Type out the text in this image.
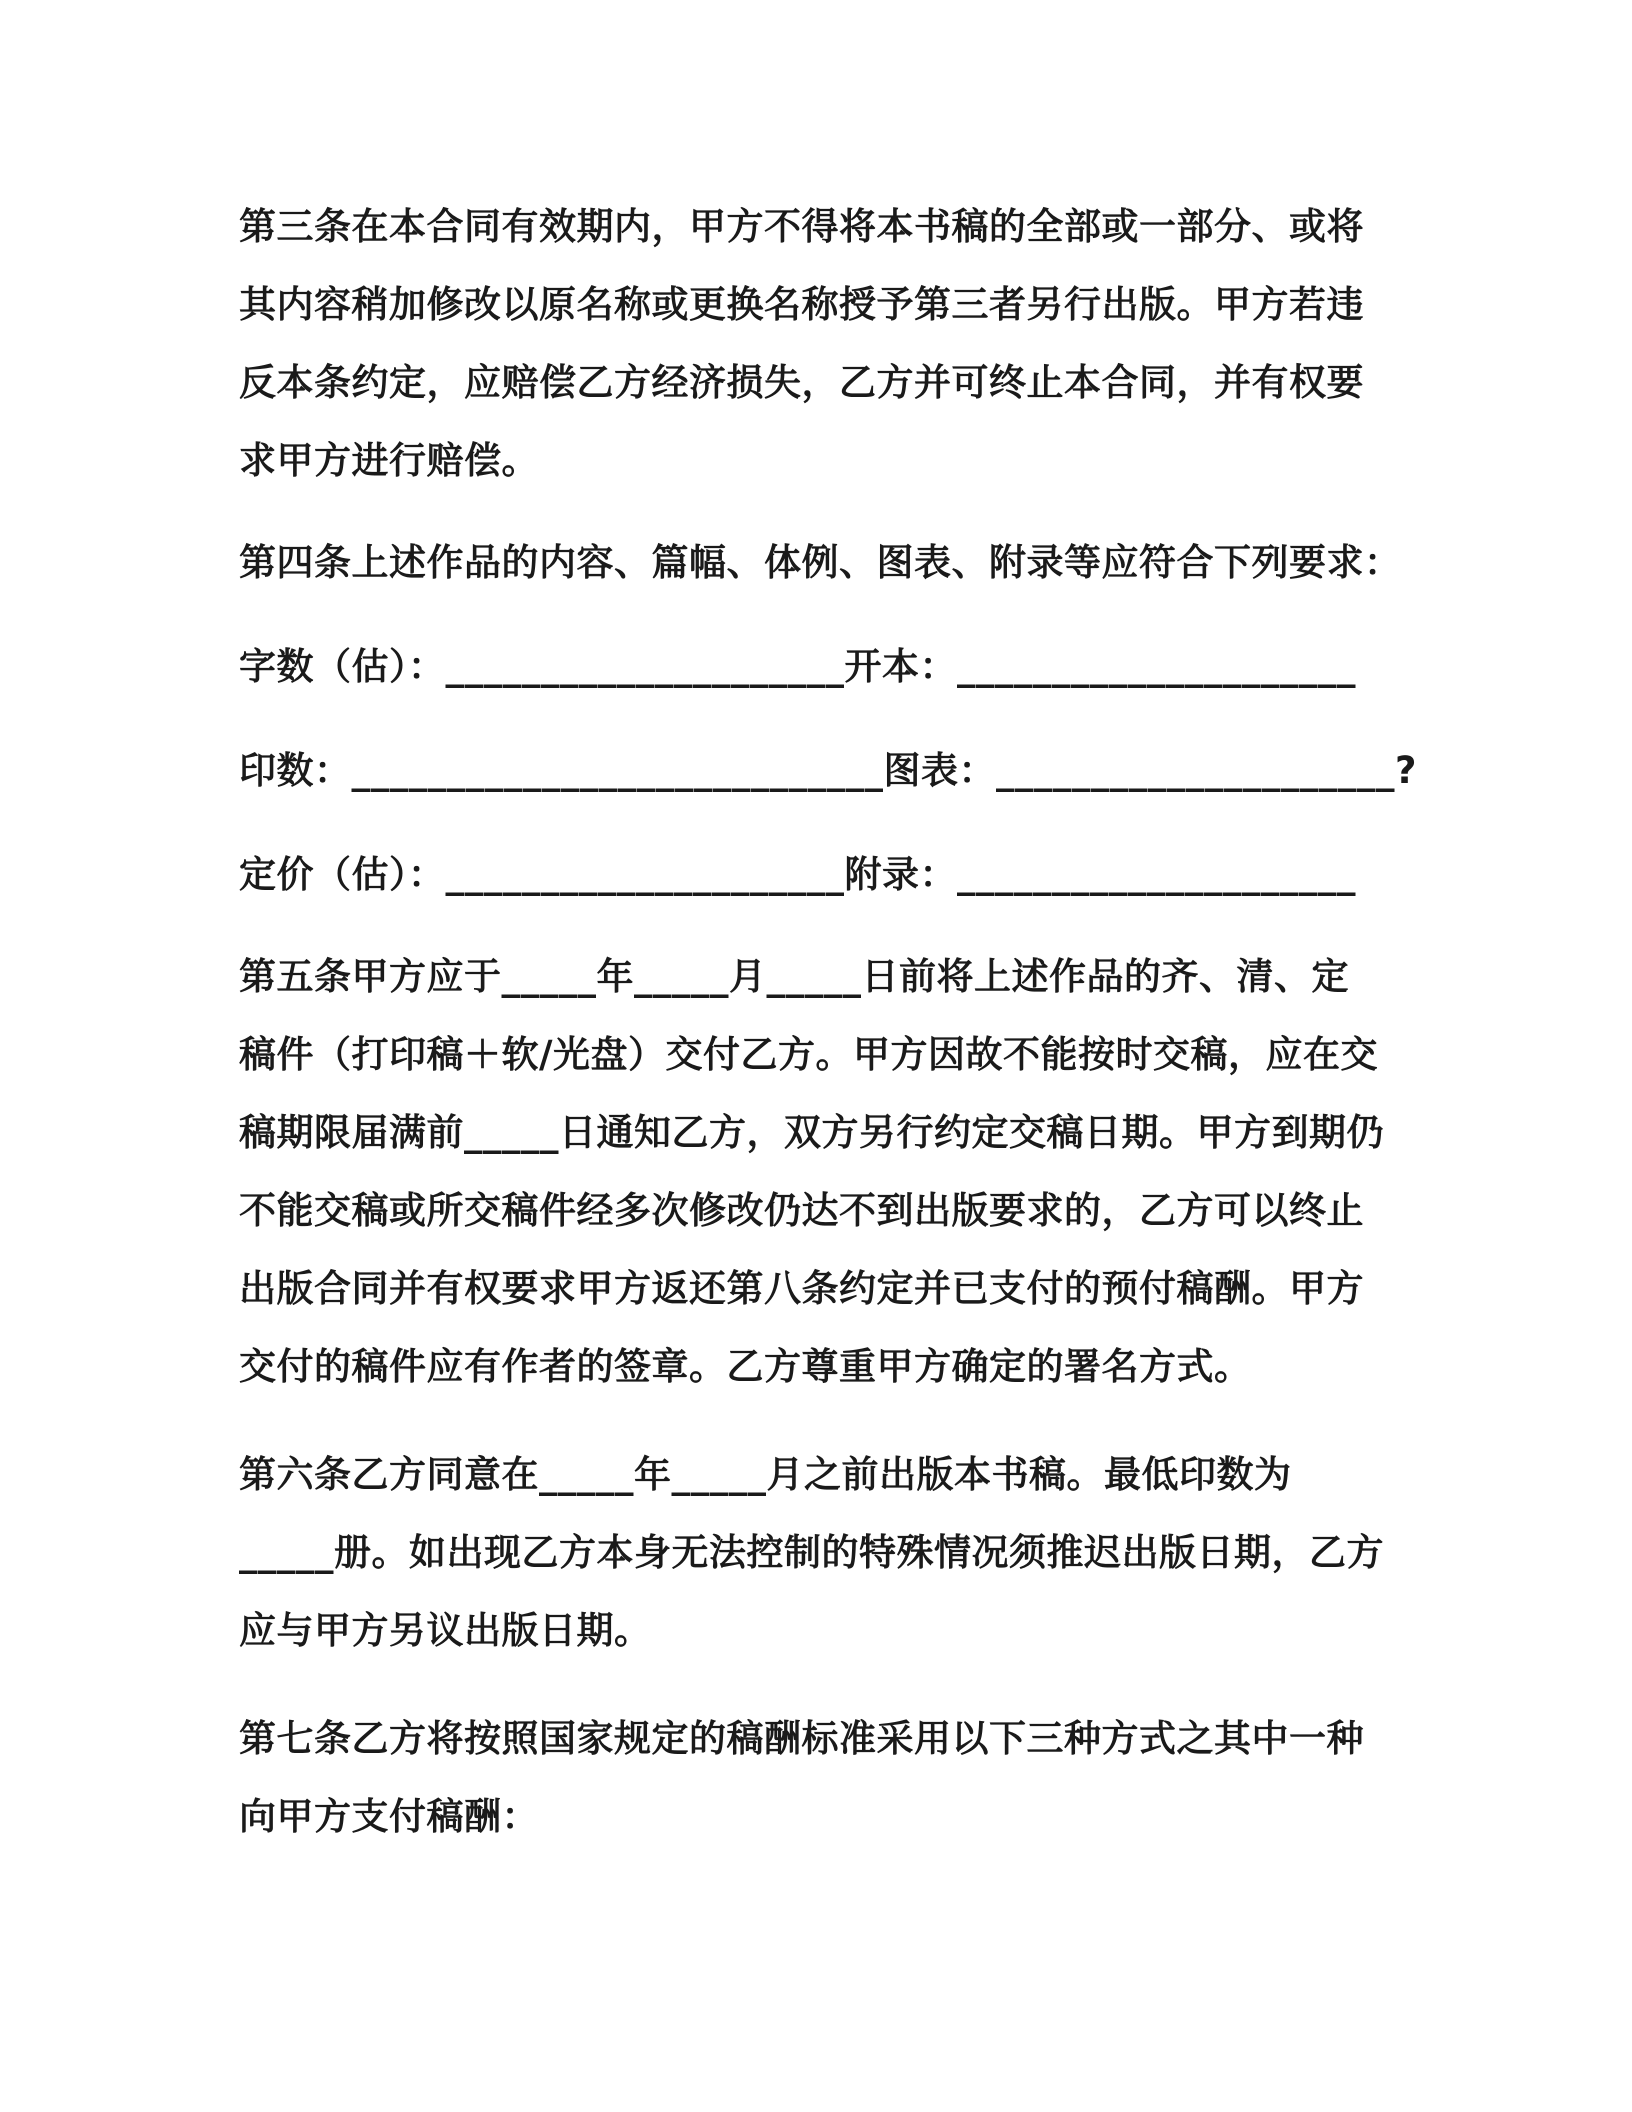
第三条在本合同有效期内，甲方不得将本书稿的全部或一部分、或将
其内容稍加修改以原名称或更换名称授予第三者另行出版。甲方若违
反本条约定，应赔偿乙方经济损失，乙方并可终止本合同，并有权要
求甲方进行赔偿。

第四条上述作品的内容、篇幅、体例、图表、附录等应符合下列要求：

字数（估）：_____________________开本：_____________________
印数：____________________________图表：_____________________?
定价（估）：_____________________附录：_____________________

第五条甲方应于_____年_____月_____日前将上述作品的齐、清、定
稿件（打印稿＋软/光盘）交付乙方。甲方因故不能按时交稿，应在交
稿期限届满前_____日通知乙方，双方另行约定交稿日期。甲方到期仍
不能交稿或所交稿件经多次修改仍达不到出版要求的，乙方可以终止
出版合同并有权要求甲方返还第八条约定并已支付的预付稿酬。甲方
交付的稿件应有作者的签章。乙方尊重甲方确定的署名方式。

第六条乙方同意在_____年_____月之前出版本书稿。最低印数为
_____册。如出现乙方本身无法控制的特殊情况须推迟出版日期，乙方
应与甲方另议出版日期。

第七条乙方将按照国家规定的稿酬标准采用以下三种方式之其中一种
向甲方支付稿酬：
